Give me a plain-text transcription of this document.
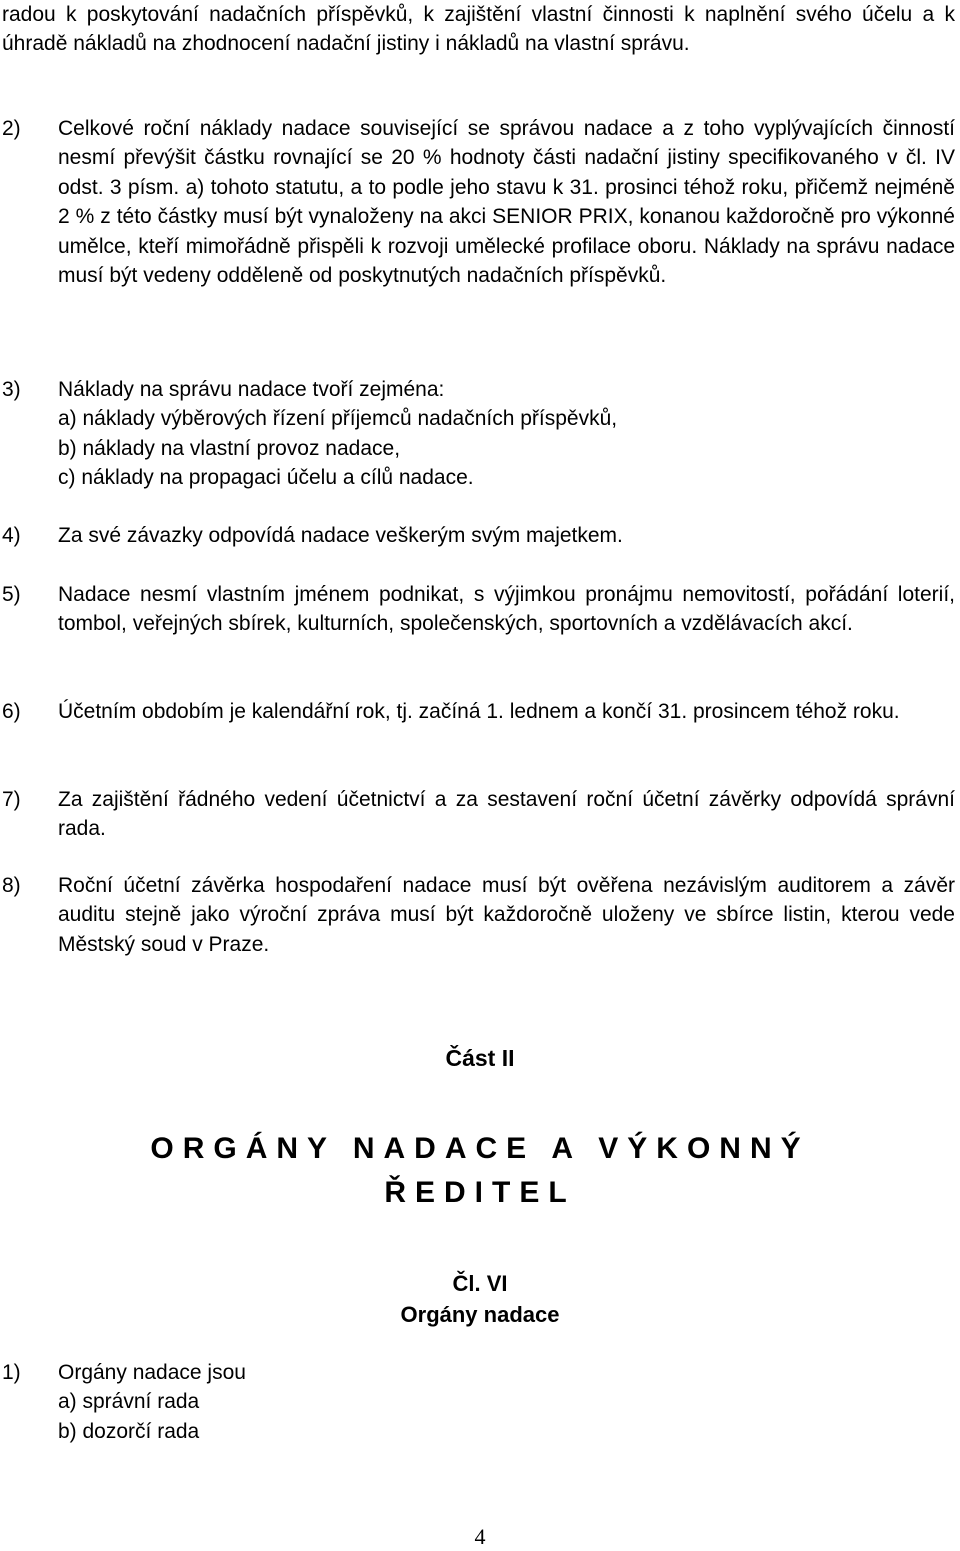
radou k poskytování nadačních příspěvků, k zajištění vlastní činnosti k naplnění svého účelu a k úhradě nákladů na zhodnocení nadační jistiny i nákladů na vlastní správu.

2)	Celkové roční náklady nadace související se správou nadace a z toho vyplývajících činností nesmí převýšit částku rovnající se 20 % hodnoty části nadační jistiny specifikovaného v čl. IV odst. 3 písm. a) tohoto statutu, a to podle jeho stavu k 31. prosinci téhož roku, přičemž nejméně 2 % z této částky musí být vynaloženy na akci SENIOR PRIX, konanou každoročně pro výkonné umělce, kteří mimořádně přispěli k rozvoji umělecké profilace oboru. Náklady na správu nadace musí být vedeny odděleně od poskytnutých nadačních příspěvků.
3)	Náklady na správu nadace tvoří zejména:
a) náklady výběrových řízení příjemců nadačních příspěvků,
b) náklady na vlastní provoz nadace,
c) náklady na propagaci účelu a cílů nadace.
4)	Za své závazky odpovídá nadace veškerým svým majetkem.
5)	Nadace nesmí vlastním jménem podnikat, s výjimkou pronájmu nemovitostí, pořádání loterií, tombol, veřejných sbírek, kulturních, společenských, sportovních a vzdělávacích akcí.
6)	Účetním obdobím je kalendářní rok, tj. začíná 1. lednem a končí 31. prosincem téhož roku.
7)	Za zajištění řádného vedení účetnictví a za sestavení roční účetní závěrky odpovídá správní rada.
8)	Roční účetní závěrka hospodaření nadace musí být ověřena nezávislým auditorem a závěr auditu stejně jako výroční zpráva musí být každoročně uloženy ve sbírce listin, kterou vede Městský soud v Praze.
Část II
ORGÁNY NADACE A VÝKONNÝ
ŘEDITEL
Čl. VI
Orgány nadace
1)	Orgány nadace jsou
a) správní rada
b) dozorčí rada
4
